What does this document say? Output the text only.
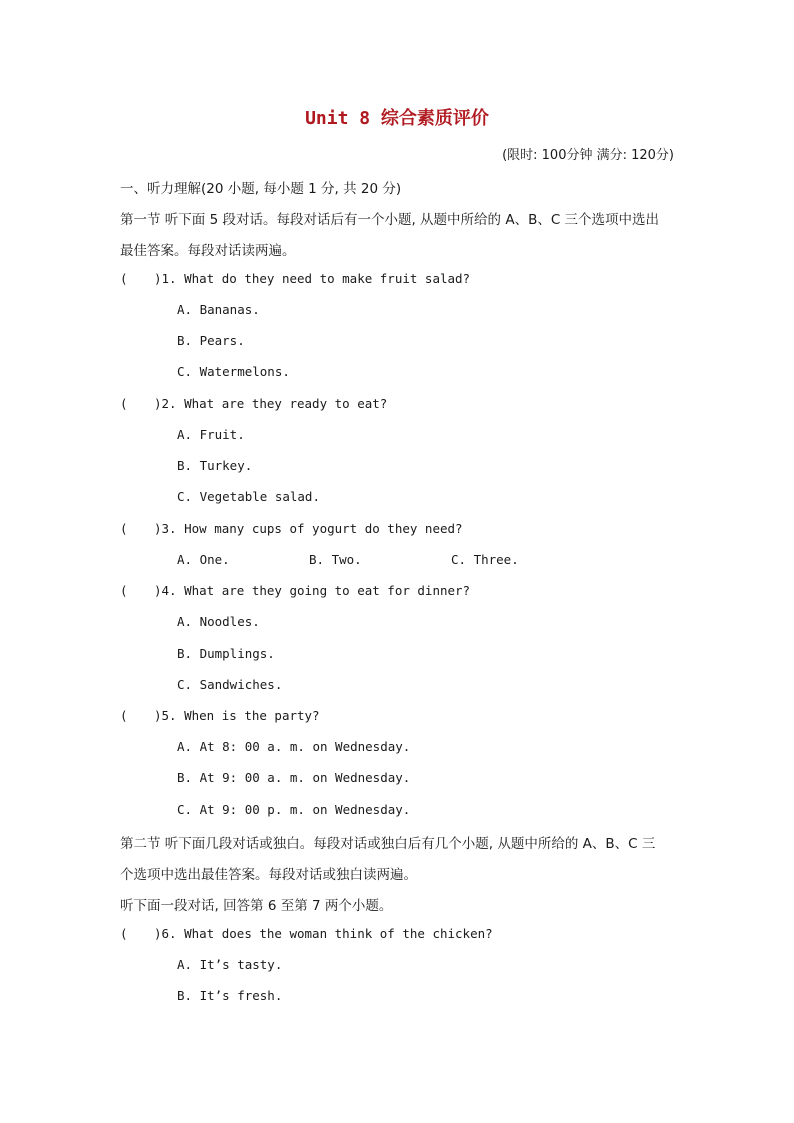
Unit 8 综合素质评价
(限时: 100分钟 满分: 120分)
一、听力理解(20 小题, 每小题 1 分, 共 20 分)
第一节 听下面 5 段对话。每段对话后有一个小题, 从题中所给的 A、B、C 三个选项中选出
最佳答案。每段对话读两遍。
( )1. What do they need to make fruit salad?
A. Bananas.
B. Pears.
C. Watermelons.
( )2. What are they ready to eat?
A. Fruit.
B. Turkey.
C. Vegetable salad.
( )3. How many cups of yogurt do they need?
A. One.	B. Two.	C. Three.
( )4. What are they going to eat for dinner?
A. Noodles.
B. Dumplings.
C. Sandwiches.
( )5. When is the party?
A. At 8: 00 a. m. on Wednesday.
B. At 9: 00 a. m. on Wednesday.
C. At 9: 00 p. m. on Wednesday.
第二节 听下面几段对话或独白。每段对话或独白后有几个小题, 从题中所给的 A、B、C 三
个选项中选出最佳答案。每段对话或独白读两遍。
听下面一段对话, 回答第 6 至第 7 两个小题。
( )6. What does the woman think of the chicken?
A. It’s tasty.
B. It’s fresh.
